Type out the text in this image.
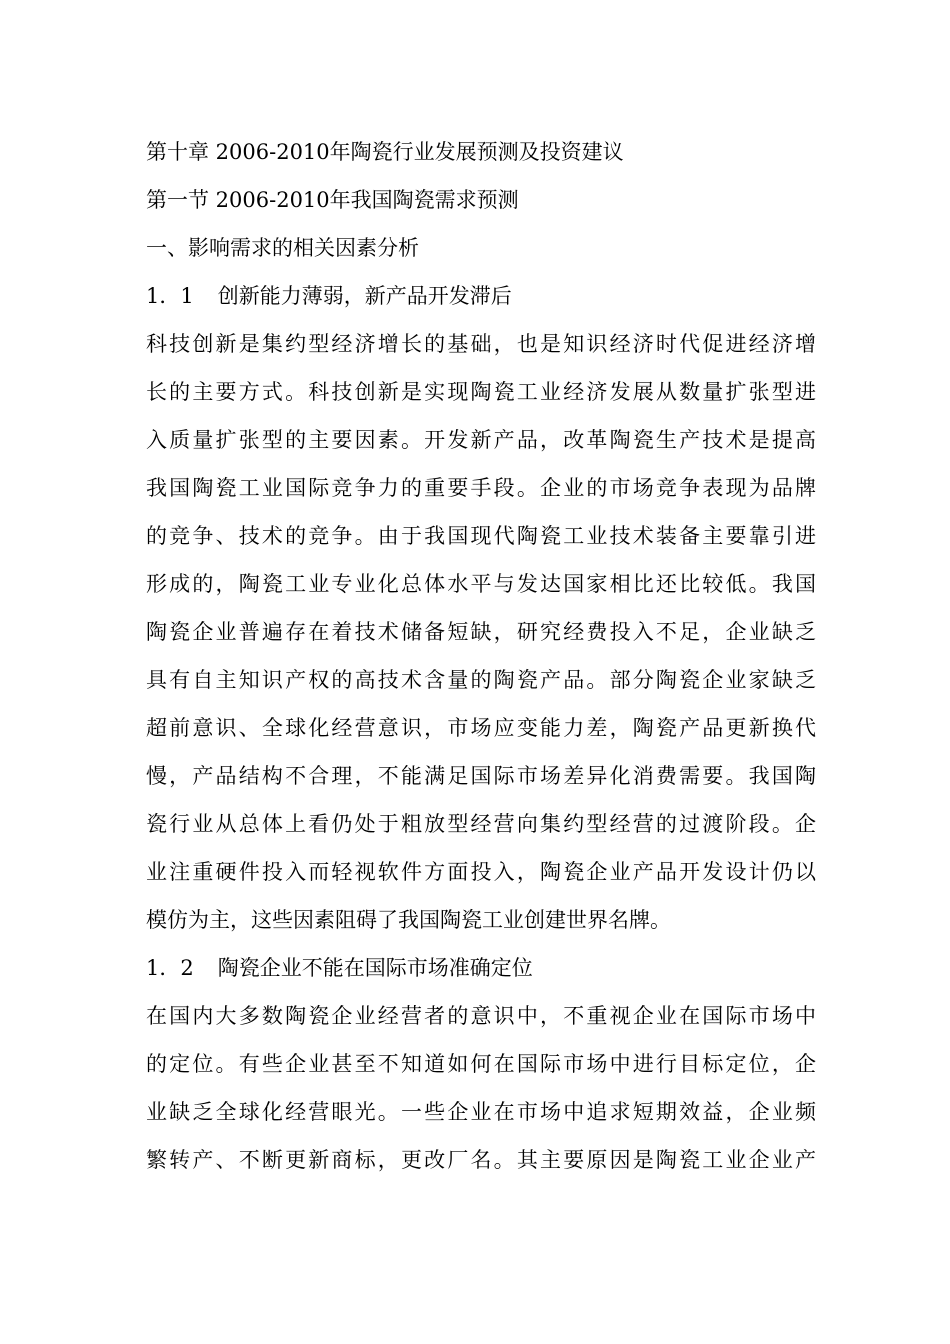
第十章 2006-2010年陶瓷行业发展预测及投资建议
第一节 2006-2010年我国陶瓷需求预测
一、影响需求的相关因素分析
1．1 创新能力薄弱，新产品开发滞后
科技创新是集约型经济增长的基础，也是知识经济时代促进经济增
长的主要方式。科技创新是实现陶瓷工业经济发展从数量扩张型进
入质量扩张型的主要因素。开发新产品，改革陶瓷生产技术是提高
我国陶瓷工业国际竞争力的重要手段。企业的市场竞争表现为品牌
的竞争、技术的竞争。由于我国现代陶瓷工业技术装备主要靠引进
形成的，陶瓷工业专业化总体水平与发达国家相比还比较低。我国
陶瓷企业普遍存在着技术储备短缺，研究经费投入不足，企业缺乏
具有自主知识产权的高技术含量的陶瓷产品。部分陶瓷企业家缺乏
超前意识、全球化经营意识，市场应变能力差，陶瓷产品更新换代
慢，产品结构不合理，不能满足国际市场差异化消费需要。我国陶
瓷行业从总体上看仍处于粗放型经营向集约型经营的过渡阶段。企
业注重硬件投入而轻视软件方面投入，陶瓷企业产品开发设计仍以
模仿为主，这些因素阻碍了我国陶瓷工业创建世界名牌。
1．2 陶瓷企业不能在国际市场准确定位
在国内大多数陶瓷企业经营者的意识中，不重视企业在国际市场中
的定位。有些企业甚至不知道如何在国际市场中进行目标定位，企
业缺乏全球化经营眼光。一些企业在市场中追求短期效益，企业频
繁转产、不断更新商标，更改厂名。其主要原因是陶瓷工业企业产
